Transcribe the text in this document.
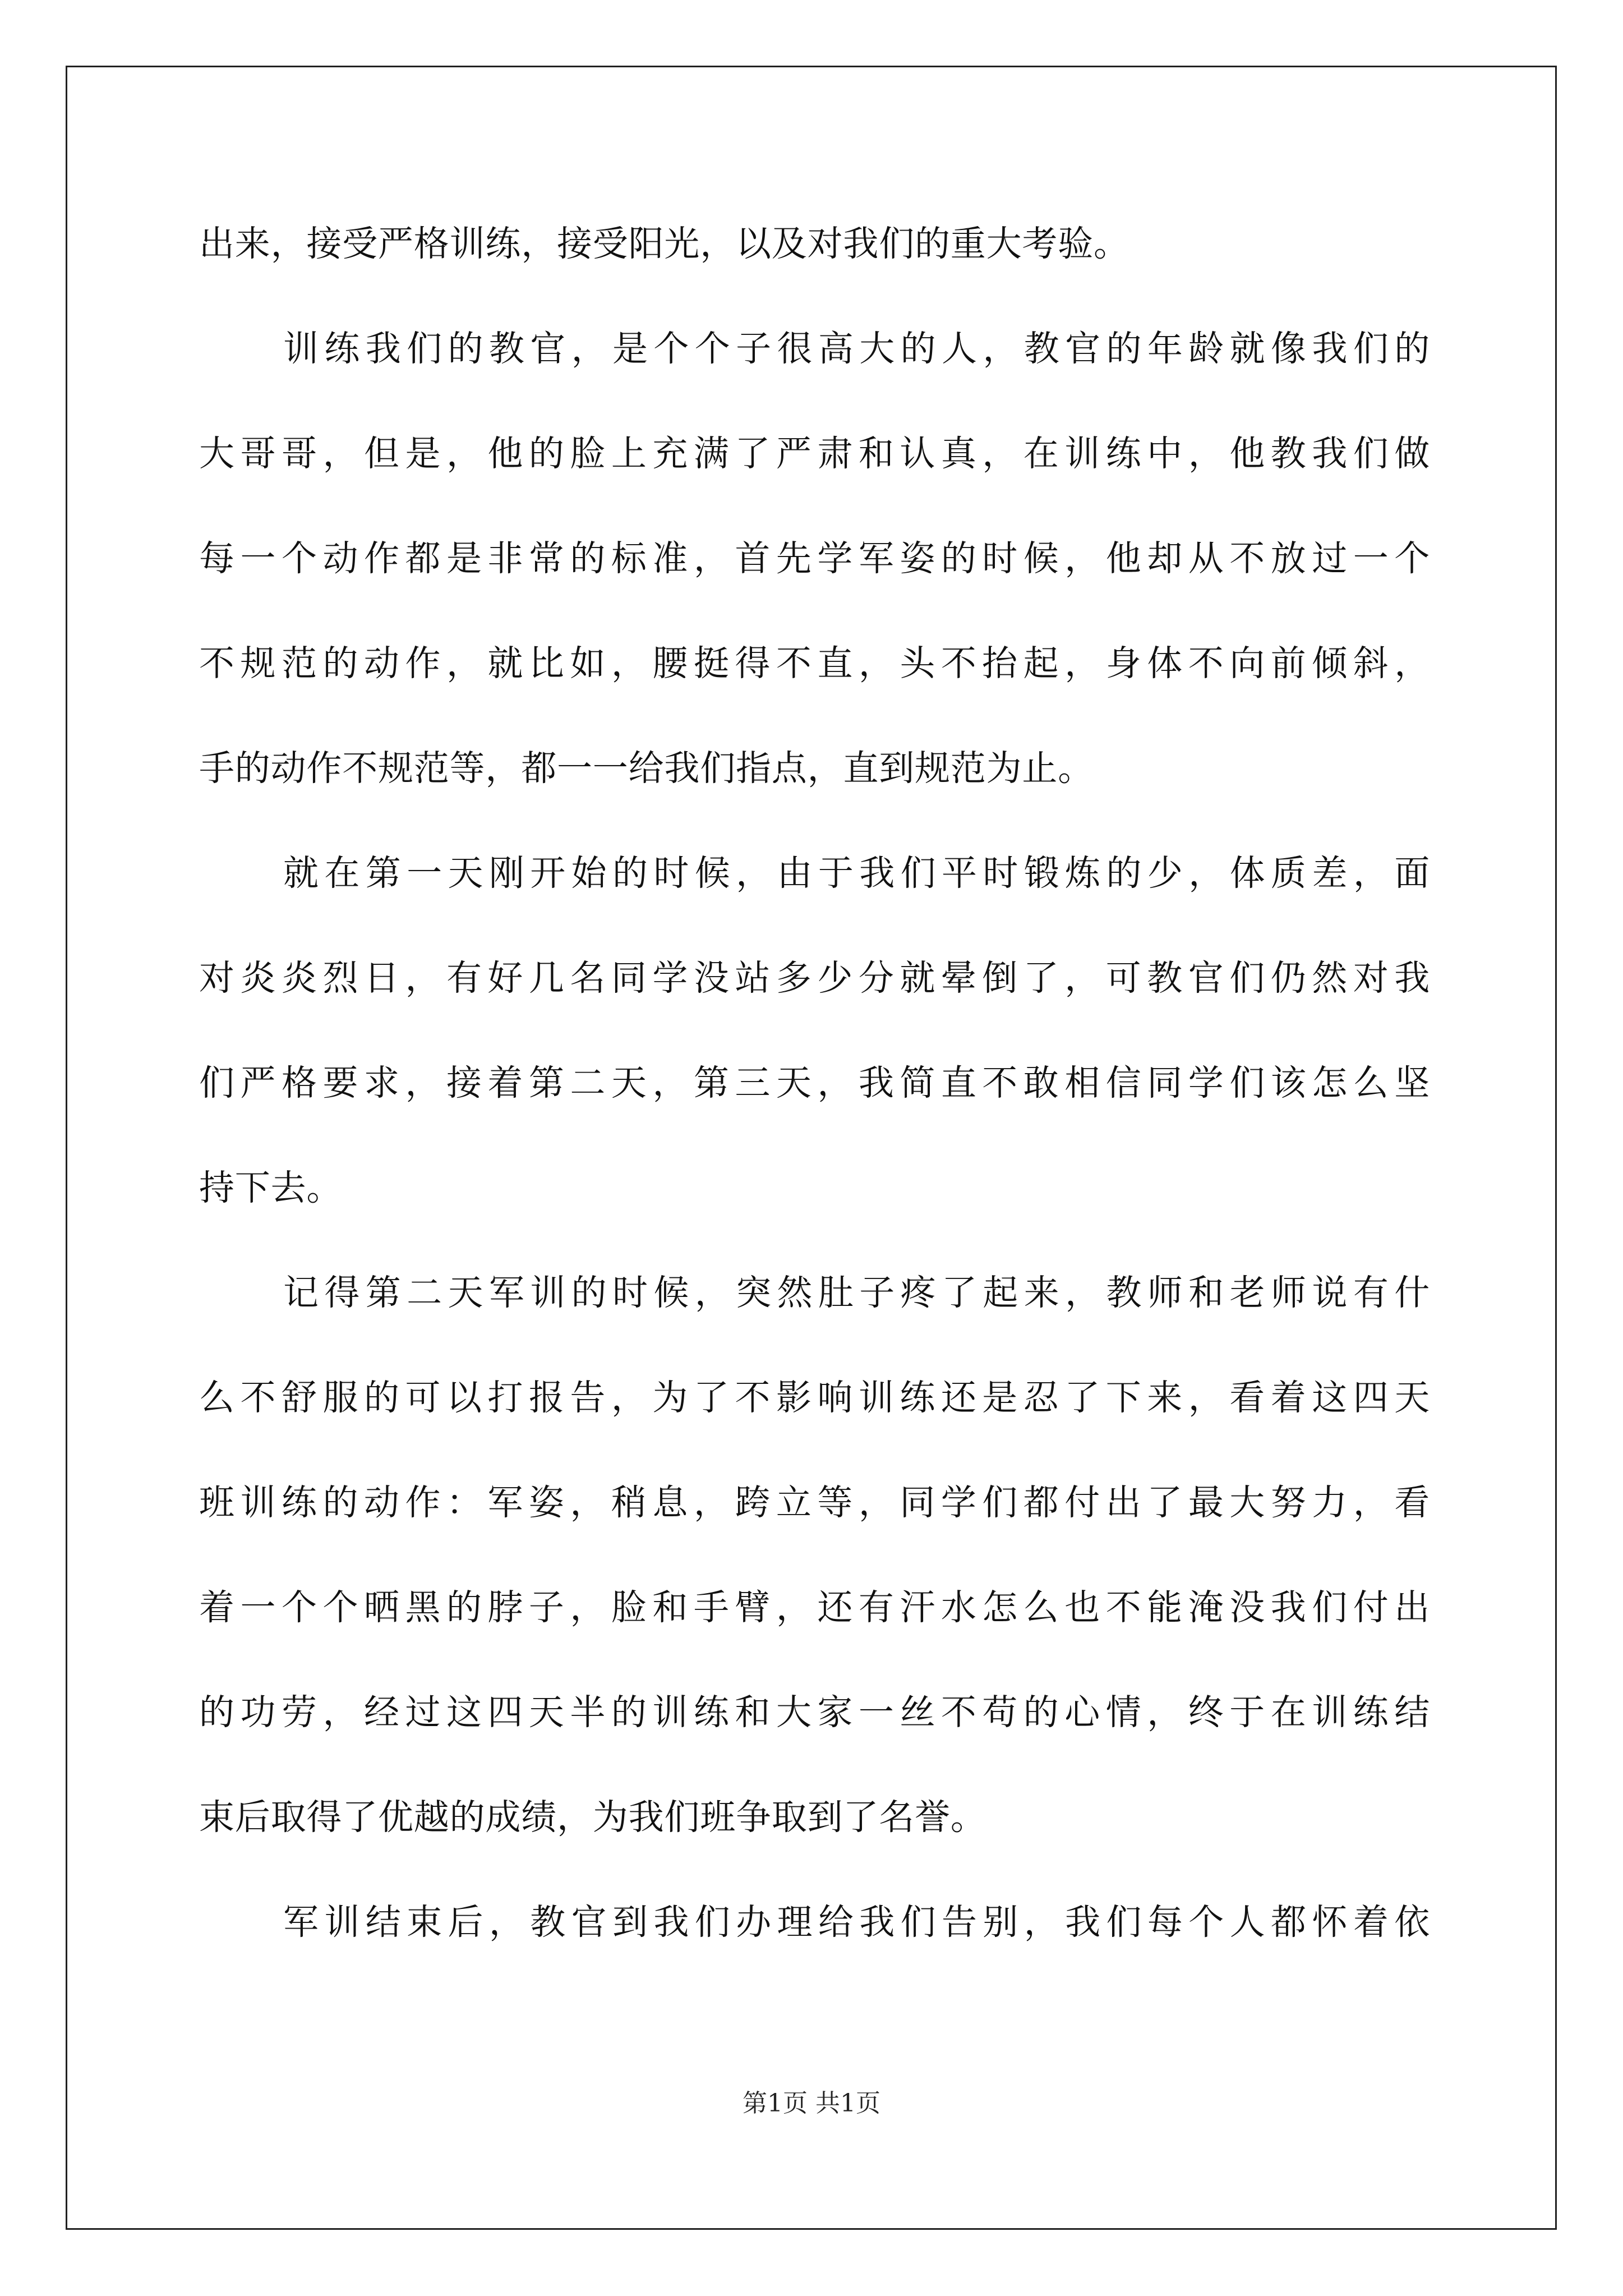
出来，接受严格训练，接受阳光，以及对我们的重大考验。
训练我们的教官，是个个子很高大的人，教官的年龄就像我们的
大哥哥，但是，他的脸上充满了严肃和认真，在训练中，他教我们做
每一个动作都是非常的标准，首先学军姿的时候，他却从不放过一个
不规范的动作，就比如，腰挺得不直，头不抬起，身体不向前倾斜，
手的动作不规范等，都一一给我们指点，直到规范为止。
就在第一天刚开始的时候，由于我们平时锻炼的少，体质差，面
对炎炎烈日，有好几名同学没站多少分就晕倒了，可教官们仍然对我
们严格要求，接着第二天，第三天，我简直不敢相信同学们该怎么坚
持下去。
记得第二天军训的时候，突然肚子疼了起来，教师和老师说有什
么不舒服的可以打报告，为了不影响训练还是忍了下来，看着这四天
班训练的动作：军姿，稍息，跨立等，同学们都付出了最大努力，看
着一个个晒黑的脖子，脸和手臂，还有汗水怎么也不能淹没我们付出
的功劳，经过这四天半的训练和大家一丝不苟的心情，终于在训练结
束后取得了优越的成绩，为我们班争取到了名誉。
军训结束后，教官到我们办理给我们告别，我们每个人都怀着依
第1页 共1页
